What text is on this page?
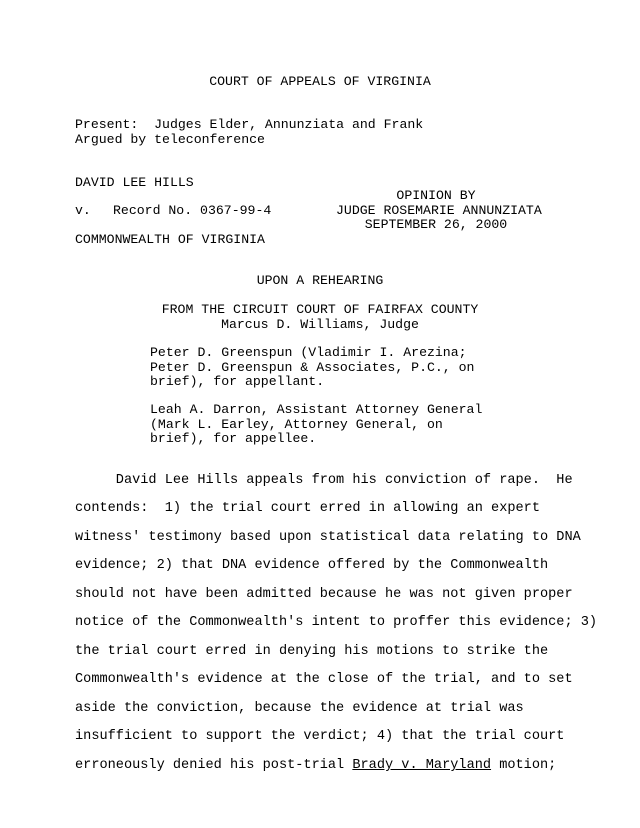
COURT OF APPEALS OF VIRGINIA
Present:  Judges Elder, Annunziata and Frank
Argued by teleconference
DAVID LEE HILLS
v. Record No. 0367-99-4
COMMONWEALTH OF VIRGINIA
OPINION BY
JUDGE ROSEMARIE ANNUNZIATA
SEPTEMBER 26, 2000
UPON A REHEARING
FROM THE CIRCUIT COURT OF FAIRFAX COUNTY
Marcus D. Williams, Judge
Peter D. Greenspun (Vladimir I. Arezina;
Peter D. Greenspun & Associates, P.C., on
brief), for appellant.
Leah A. Darron, Assistant Attorney General
(Mark L. Earley, Attorney General, on
brief), for appellee.
David Lee Hills appeals from his conviction of rape.  He
contends:  1) the trial court erred in allowing an expert
witness' testimony based upon statistical data relating to DNA
evidence; 2) that DNA evidence offered by the Commonwealth
should not have been admitted because he was not given proper
notice of the Commonwealth's intent to proffer this evidence; 3)
the trial court erred in denying his motions to strike the
Commonwealth's evidence at the close of the trial, and to set
aside the conviction, because the evidence at trial was
insufficient to support the verdict; 4) that the trial court
erroneously denied his post-trial Brady v. Maryland motion;
